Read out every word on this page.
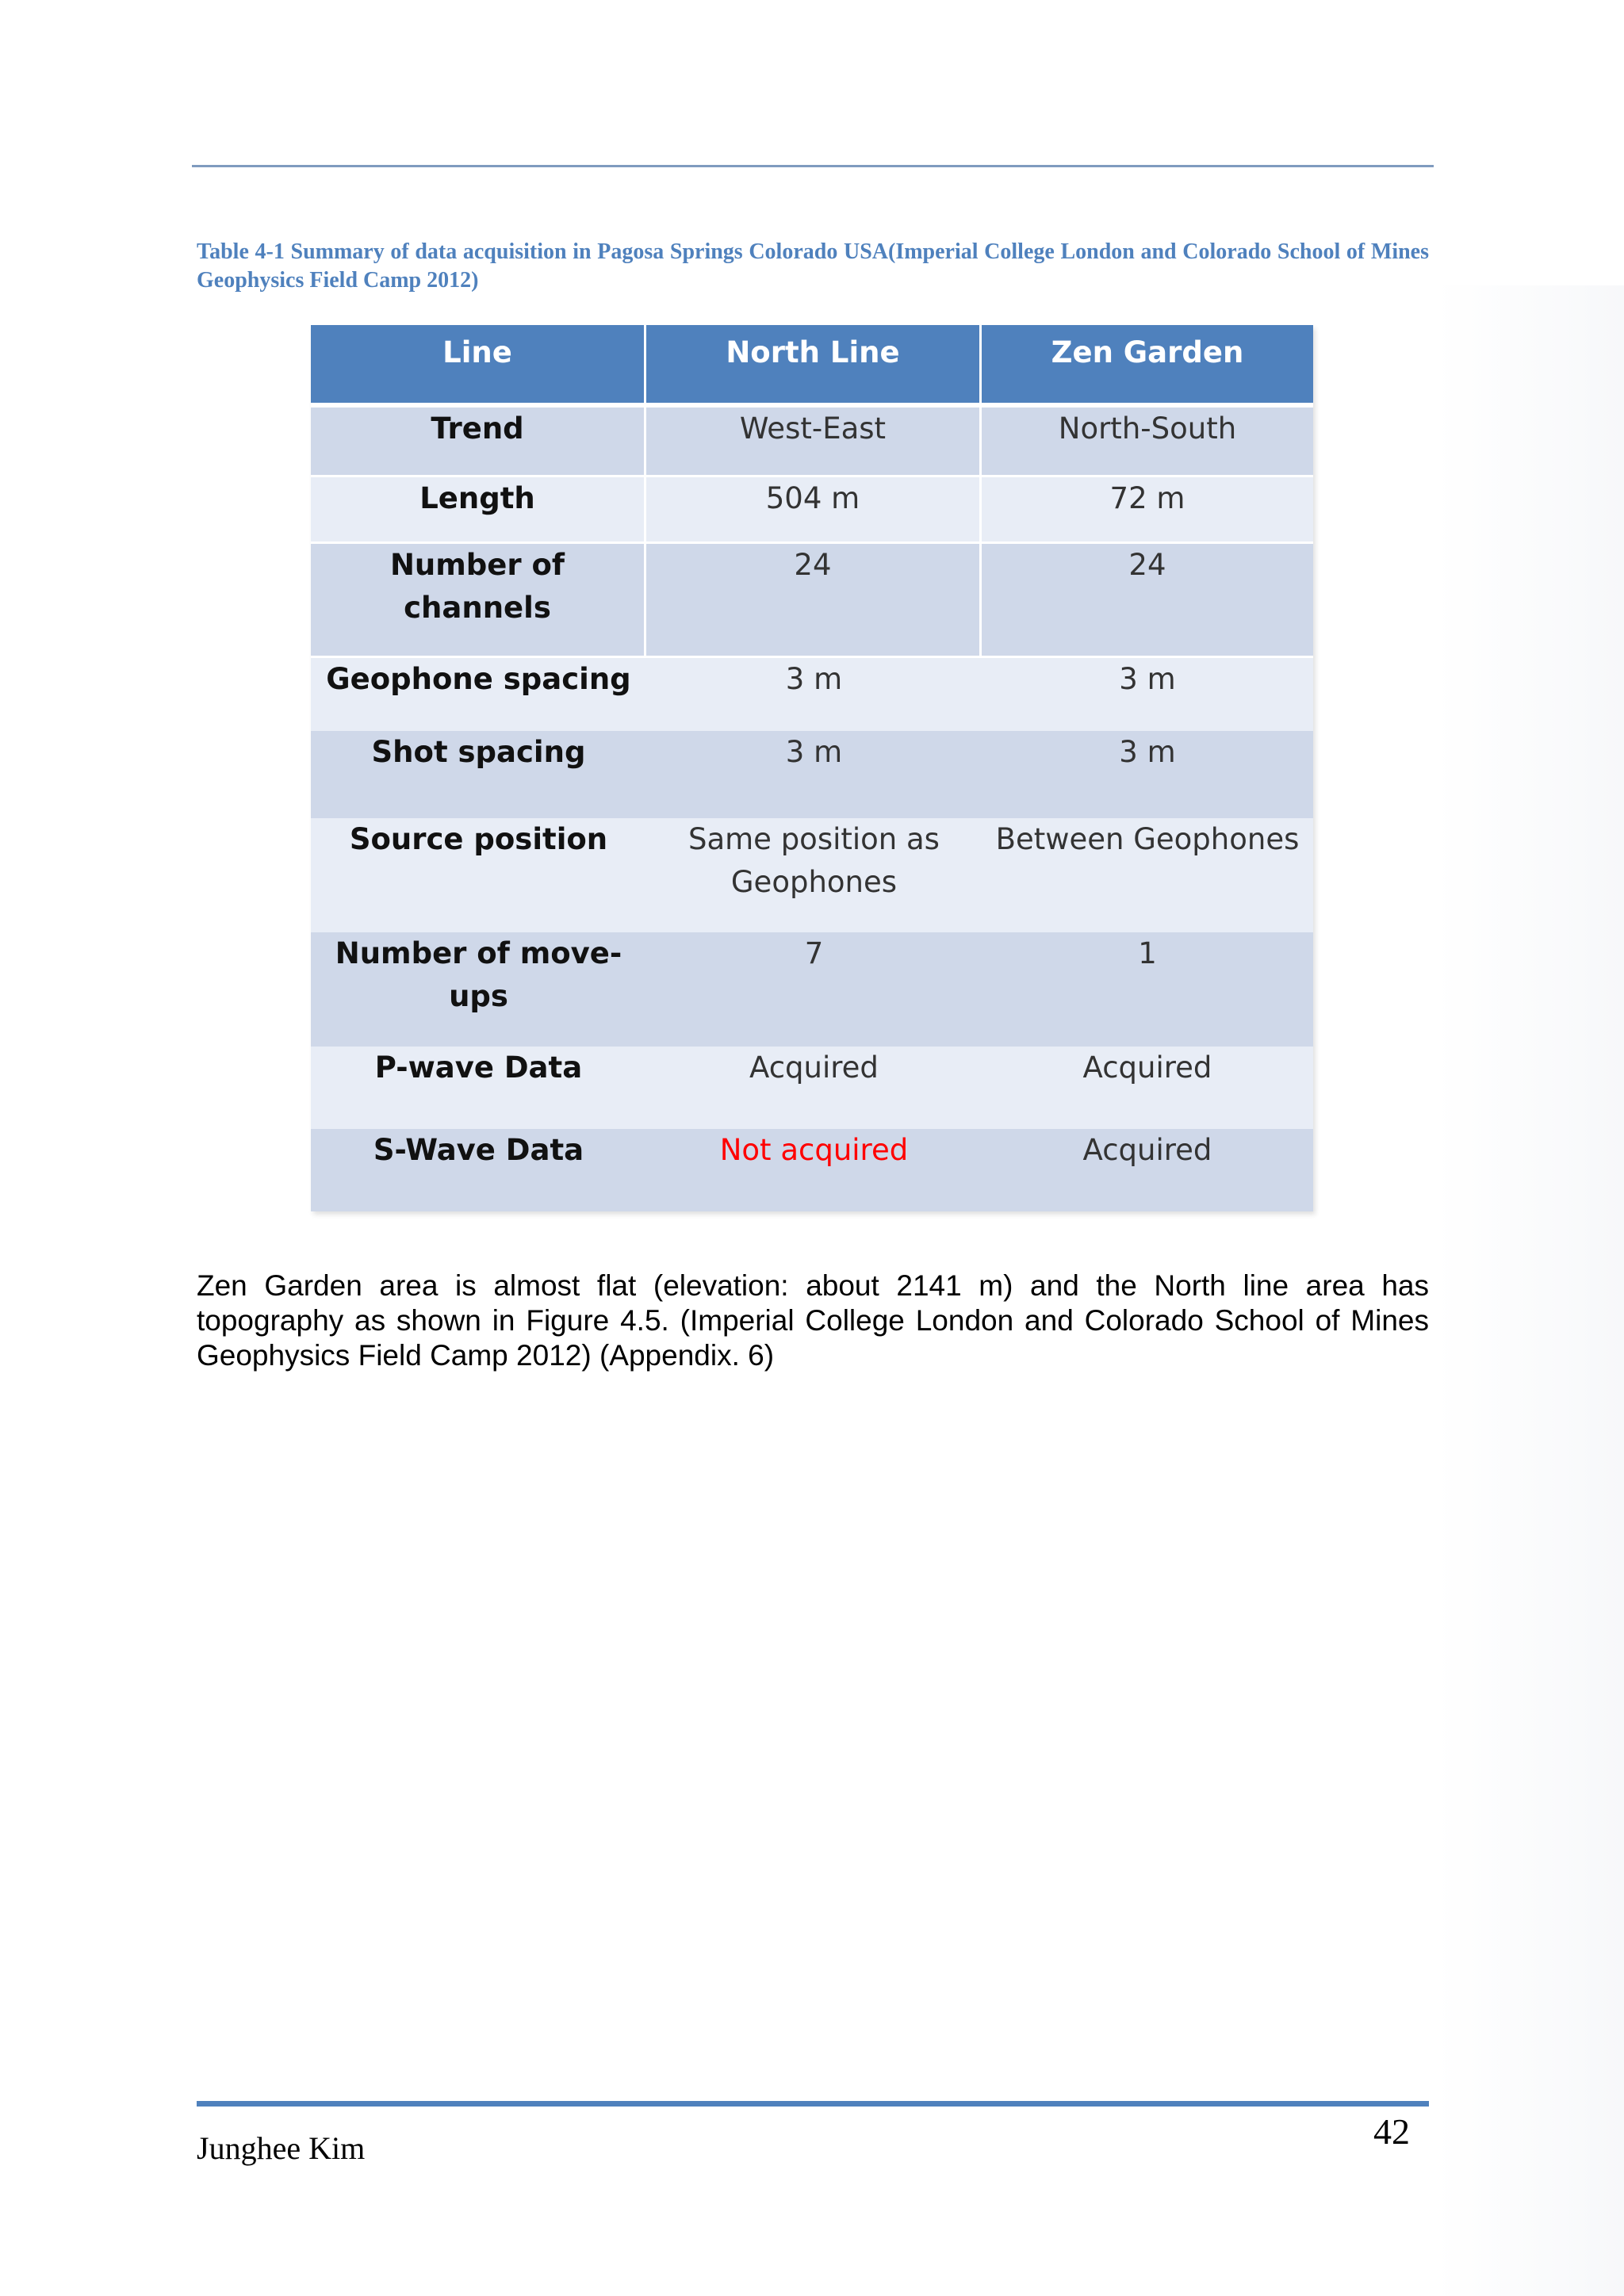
Table 4-1 Summary of data acquisition in Pagosa Springs Colorado USA(Imperial College London and Colorado School of Mines Geophysics Field Camp 2012)
Line	North Line	Zen Garden
Trend	West-East	North-South
Length	504 m	72 m
Number of channels	24	24
Geophone spacing	3 m	3 m
Shot spacing	3 m	3 m
Source position	Same position as Geophones	Between Geophones
Number of move-ups	7	1
P-wave Data	Acquired	Acquired
S-Wave Data	Not acquired	Acquired
Zen Garden area is almost flat (elevation: about 2141 m) and the North line area has topography as shown in Figure 4.5. (Imperial College London and Colorado School of Mines Geophysics Field Camp 2012) (Appendix. 6)
Junghee Kim	42
